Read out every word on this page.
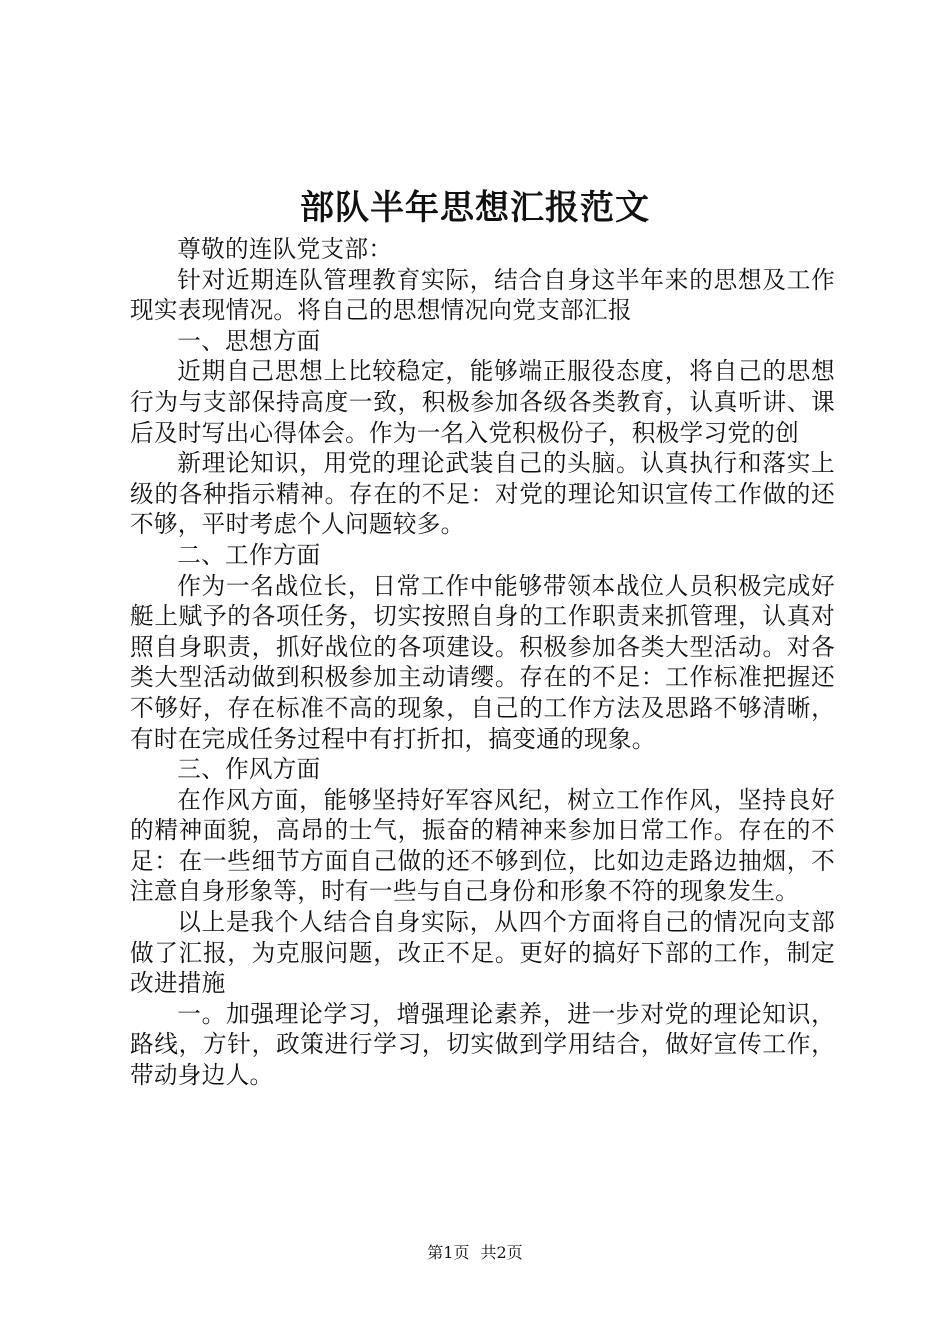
部队半年思想汇报范文

尊敬的连队党支部：

针对近期连队管理教育实际，结合自身这半年来的思想及工作现实表现情况。将自己的思想情况向党支部汇报

一、思想方面

近期自己思想上比较稳定，能够端正服役态度，将自己的思想行为与支部保持高度一致，积极参加各级各类教育，认真听讲、课后及时写出心得体会。作为一名入党积极份子，积极学习党的创

新理论知识，用党的理论武装自己的头脑。认真执行和落实上级的各种指示精神。存在的不足：对党的理论知识宣传工作做的还不够，平时考虑个人问题较多。

二、工作方面

作为一名战位长，日常工作中能够带领本战位人员积极完成好艇上赋予的各项任务，切实按照自身的工作职责来抓管理，认真对照自身职责，抓好战位的各项建设。积极参加各类大型活动。对各类大型活动做到积极参加主动请缨。存在的不足：工作标准把握还不够好，存在标准不高的现象，自己的工作方法及思路不够清晰，有时在完成任务过程中有打折扣，搞变通的现象。

三、作风方面

在作风方面，能够坚持好军容风纪，树立工作作风，坚持良好的精神面貌，高昂的士气，振奋的精神来参加日常工作。存在的不足：在一些细节方面自己做的还不够到位，比如边走路边抽烟，不注意自身形象等，时有一些与自己身份和形象不符的现象发生。

以上是我个人结合自身实际，从四个方面将自己的情况向支部做了汇报，为克服问题，改正不足。更好的搞好下部的工作，制定改进措施

一。加强理论学习，增强理论素养，进一步对党的理论知识，路线，方针，政策进行学习，切实做到学用结合，做好宣传工作，带动身边人。

第1页 共2页
